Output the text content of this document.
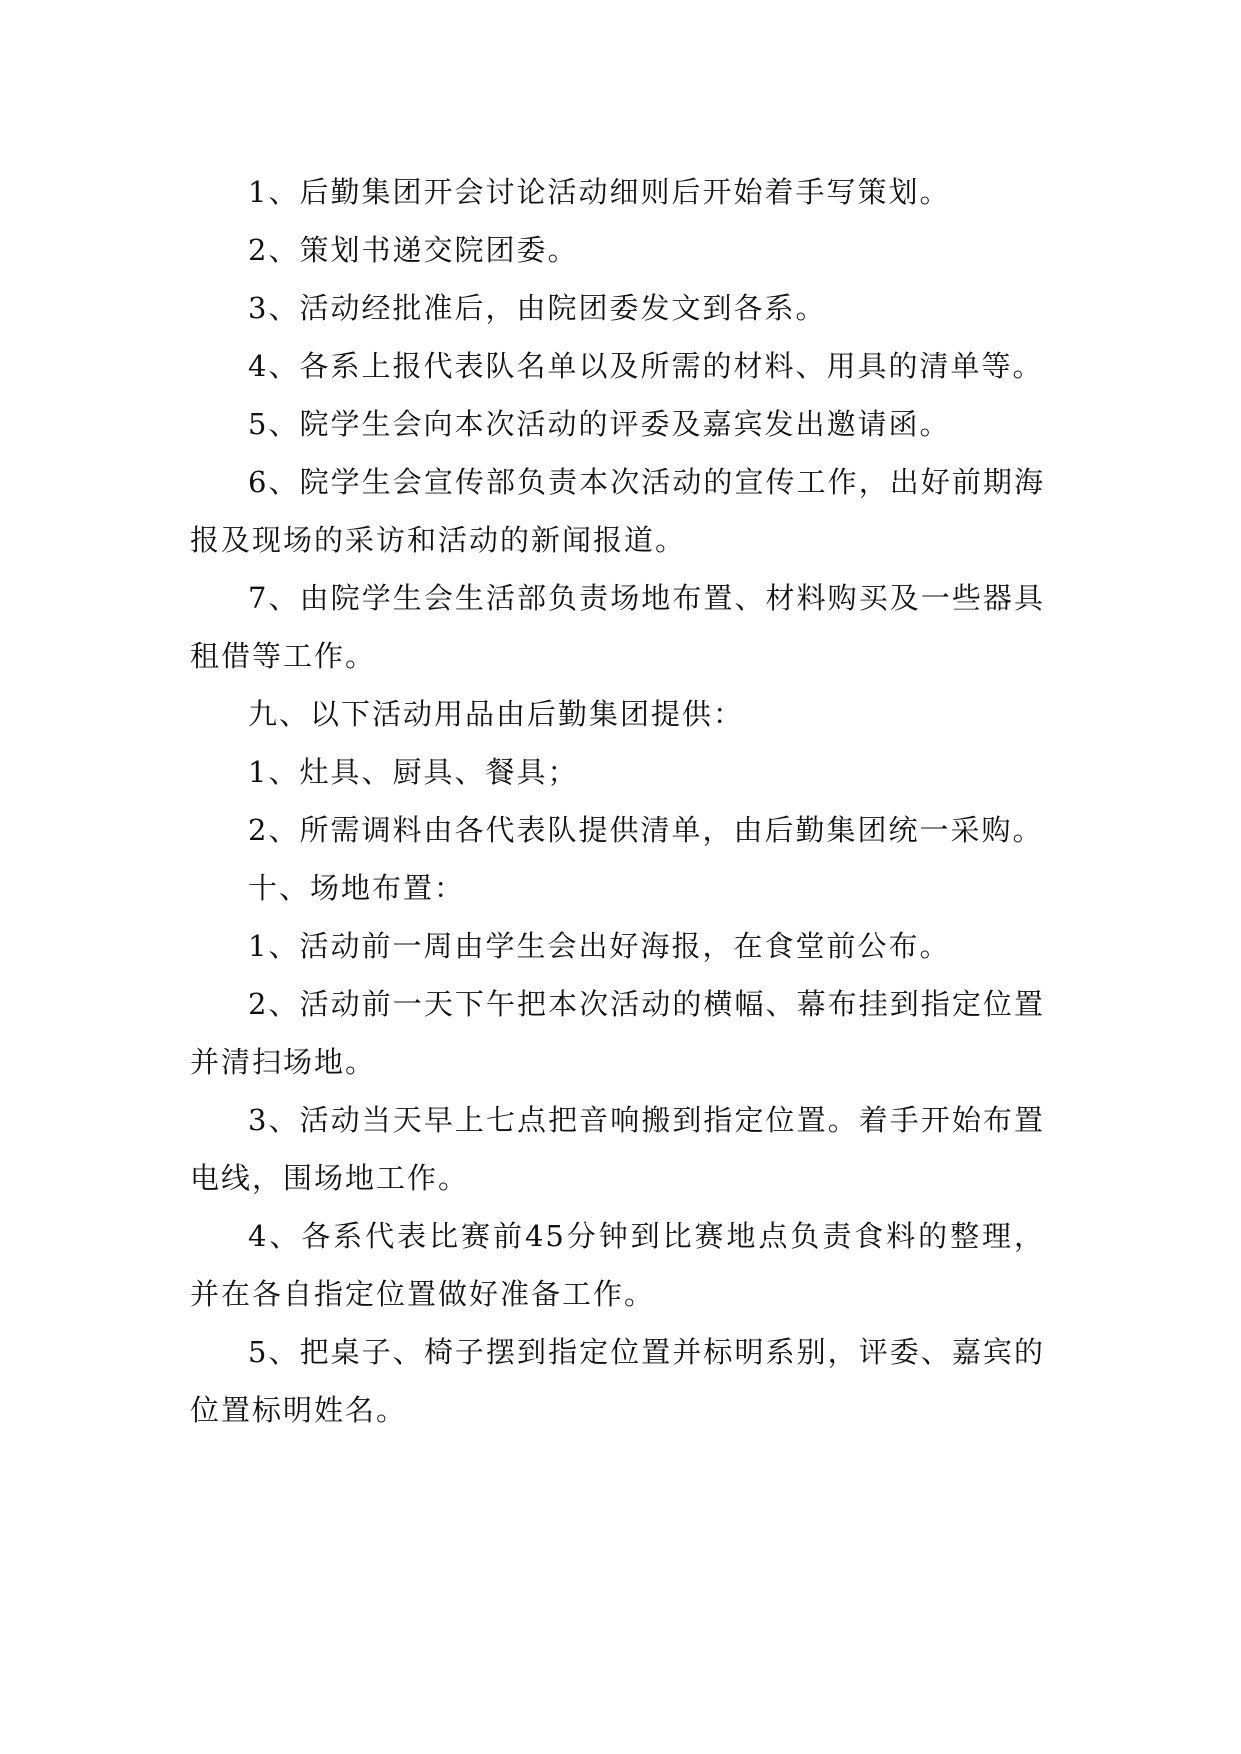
1、后勤集团开会讨论活动细则后开始着手写策划。

2、策划书递交院团委。

3、活动经批准后，由院团委发文到各系。

4、各系上报代表队名单以及所需的材料、用具的清单等。

5、院学生会向本次活动的评委及嘉宾发出邀请函。

6、院学生会宣传部负责本次活动的宣传工作，出好前期海报及现场的采访和活动的新闻报道。

7、由院学生会生活部负责场地布置、材料购买及一些器具租借等工作。

九、以下活动用品由后勤集团提供：

1、灶具、厨具、餐具；

2、所需调料由各代表队提供清单，由后勤集团统一采购。

十、场地布置：

1、活动前一周由学生会出好海报，在食堂前公布。

2、活动前一天下午把本次活动的横幅、幕布挂到指定位置并清扫场地。

3、活动当天早上七点把音响搬到指定位置。着手开始布置电线，围场地工作。

4、各系代表比赛前45分钟到比赛地点负责食料的整理，并在各自指定位置做好准备工作。

5、把桌子、椅子摆到指定位置并标明系别，评委、嘉宾的位置标明姓名。
